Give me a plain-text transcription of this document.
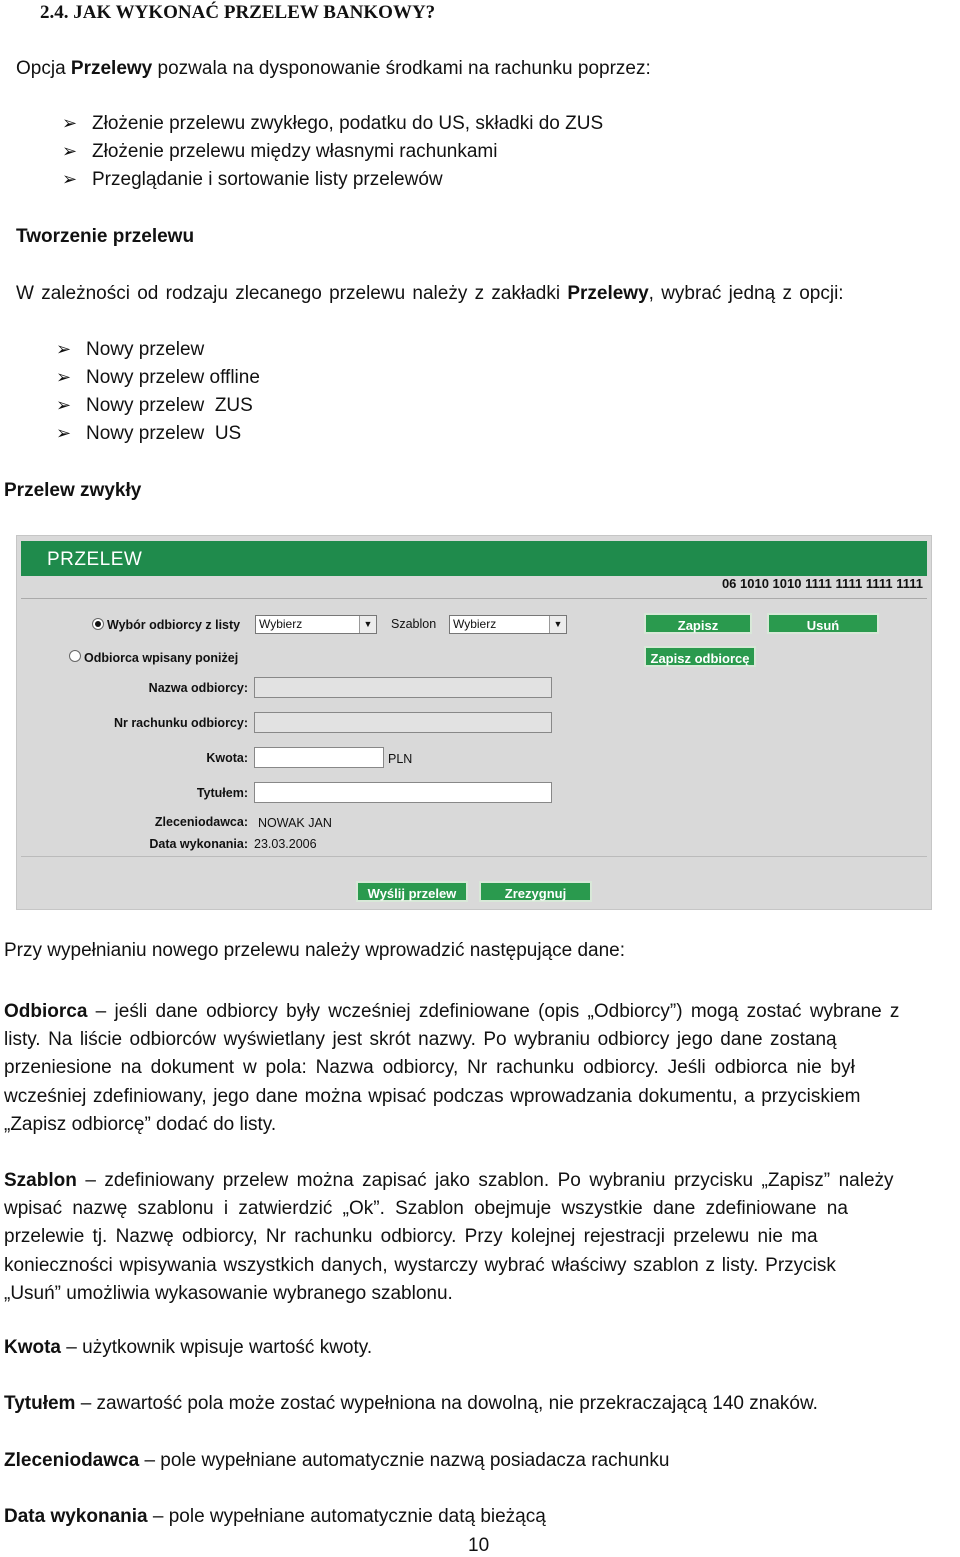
2.4. JAK WYKONAĆ PRZELEW BANKOWY?
Opcja Przelewy pozwala na dysponowanie środkami na rachunku poprzez:
➢ Złożenie przelewu zwykłego, podatku do US, składki do ZUS
➢ Złożenie przelewu między własnymi rachunkami
➢ Przeglądanie i sortowanie listy przelewów
Tworzenie przelewu
W zależności od rodzaju zlecanego przelewu należy z zakładki Przelewy, wybrać jedną z opcji:
➢ Nowy przelew
➢ Nowy przelew offline
➢ Nowy przelew  ZUS
➢ Nowy przelew  US
Przelew zwykły
PRZELEW
06 1010 1010 1111 1111 1111 1111
Wybór odbiorcy z listy	Wybierz	▼ Szablon	Wybierz	▼	Zapisz	Usuń
Odbiorca wpisany poniżej	Zapisz odbiorcę
Nazwa odbiorcy:
Nr rachunku odbiorcy:
Kwota:	PLN
Tytułem:
Zleceniodawca: NOWAK JAN
Data wykonania: 23.03.2006
Wyślij przelew	Zrezygnuj
Przy wypełnianiu nowego przelewu należy wprowadzić następujące dane:
Odbiorca – jeśli dane odbiorcy były wcześniej zdefiniowane (opis „Odbiorcy”) mogą zostać wybrane z
listy. Na liście odbiorców wyświetlany jest skrót nazwy. Po wybraniu odbiorcy jego dane zostaną
przeniesione na dokument w pola: Nazwa odbiorcy, Nr rachunku odbiorcy. Jeśli odbiorca nie był
wcześniej zdefiniowany, jego dane można wpisać podczas wprowadzania dokumentu, a przyciskiem
„Zapisz odbiorcę” dodać do listy.
Szablon – zdefiniowany przelew można zapisać jako szablon. Po wybraniu przycisku „Zapisz” należy
wpisać nazwę szablonu i zatwierdzić „Ok”. Szablon obejmuje wszystkie dane zdefiniowane na
przelewie tj. Nazwę odbiorcy, Nr rachunku odbiorcy. Przy kolejnej rejestracji przelewu nie ma
konieczności wpisywania wszystkich danych, wystarczy wybrać właściwy szablon z listy. Przycisk
„Usuń” umożliwia wykasowanie wybranego szablonu.
Kwota – użytkownik wpisuje wartość kwoty.
Tytułem – zawartość pola może zostać wypełniona na dowolną, nie przekraczającą 140 znaków.
Zleceniodawca – pole wypełniane automatycznie nazwą posiadacza rachunku
Data wykonania – pole wypełniane automatycznie datą bieżącą
10
